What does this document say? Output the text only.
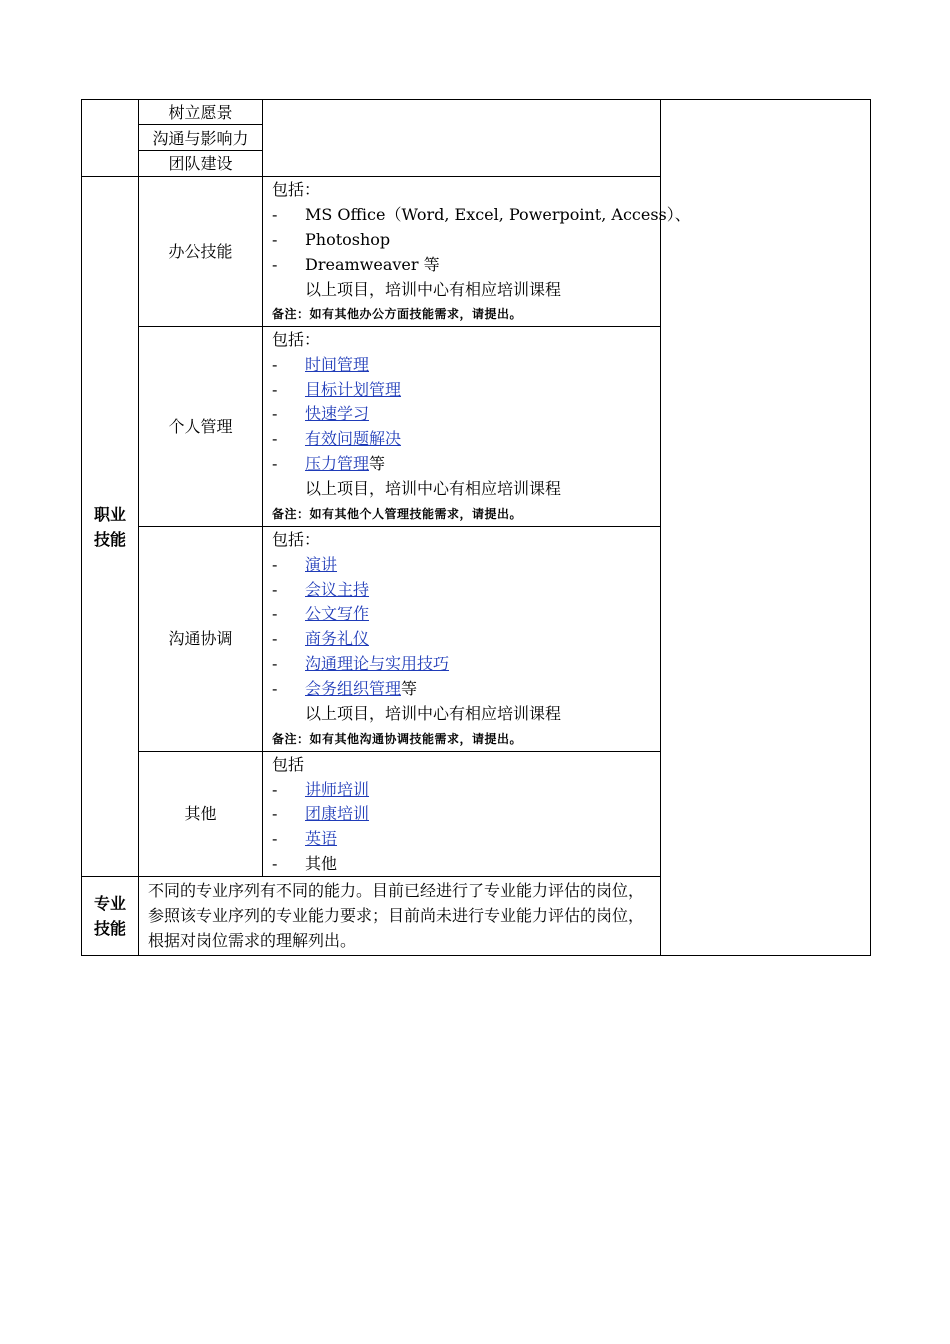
树立愿景
沟通与影响力
团队建设
职业
技能
办公技能
包括：
- MS Office（Word, Excel, Powerpoint, Access）、
- Photoshop
- Dreamweaver 等
以上项目，培训中心有相应培训课程
备注：如有其他办公方面技能需求，请提出。
个人管理
包括：
- 时间管理
- 目标计划管理
- 快速学习
- 有效问题解决
- 压力管理等
以上项目，培训中心有相应培训课程
备注：如有其他个人管理技能需求，请提出。
沟通协调
包括：
- 演讲
- 会议主持
- 公文写作
- 商务礼仪
- 沟通理论与实用技巧
- 会务组织管理等
以上项目，培训中心有相应培训课程
备注：如有其他沟通协调技能需求，请提出。
其他
包括
- 讲师培训
- 团康培训
- 英语
- 其他
专业
技能
不同的专业序列有不同的能力。目前已经进行了专业能力评估的岗位，参照该专业序列的专业能力要求；目前尚未进行专业能力评估的岗位，根据对岗位需求的理解列出。
